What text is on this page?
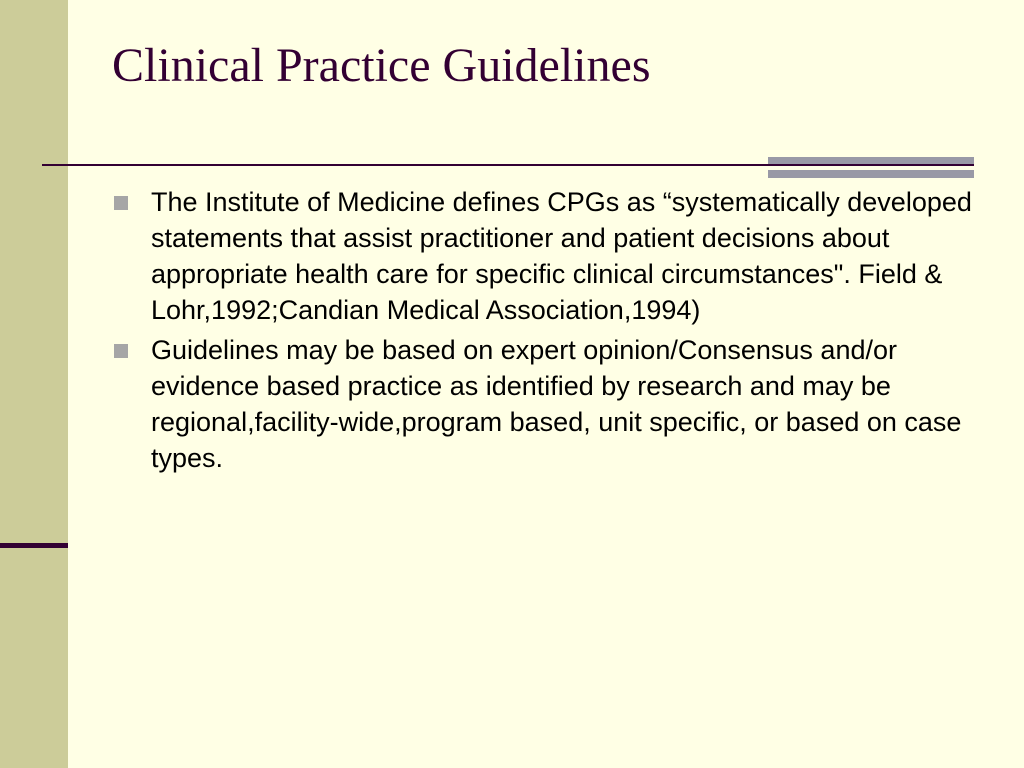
Clinical Practice Guidelines
The Institute of Medicine defines CPGs as “systematically developed statements that assist practitioner and patient decisions about appropriate health care for specific clinical circumstances". Field & Lohr,1992;Candian Medical Association,1994)
Guidelines may be based on expert opinion/Consensus and/or evidence based practice as identified by research and may be regional,facility-wide,program based, unit specific, or based on case types.
